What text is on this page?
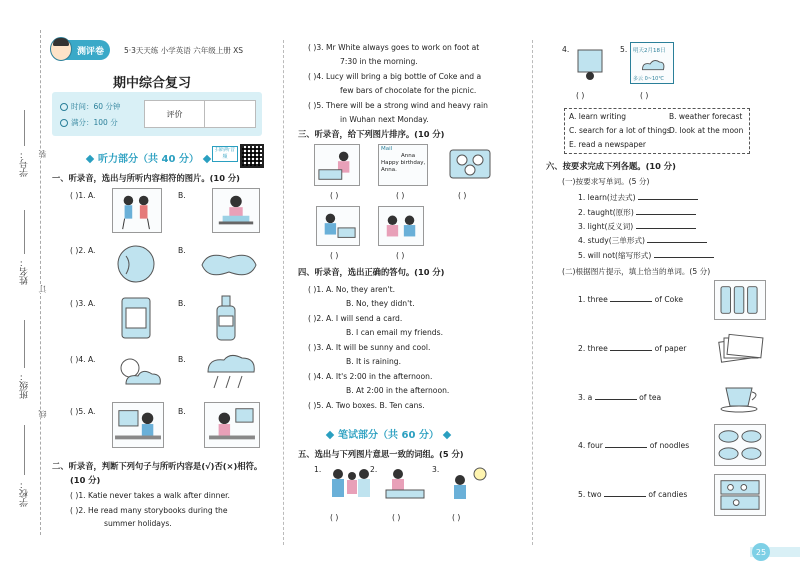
学号：
姓名：
班级：
学校：
装
订
线
测评卷	5·3天天练 小学英语 六年级上册 XS
期中综合复习
时间：60 分钟
满分：100 分
评价
听力部分（共 40 分）
扫码听音频
一、听录音，选出与所听内容相符的图片。(10 分)
( )1. A.	B.
( )2. A.	B.
( )3. A.	B.
( )4. A.	B.
( )5. A.	B.
二、听录音，判断下列句子与所听内容是(√)否(×)相符。
(10 分)
( )1. Katie never takes a walk after dinner.
( )2. He read many storybooks during the
summer holidays.
( )3. Mr White always goes to work on foot at
7:30 in the morning.
( )4. Lucy will bring a big bottle of Coke and a
few bars of chocolate for the picnic.
( )5. There will be a strong wind and heavy rain
in Wuhan next Monday.
三、听录音，给下列图片排序。(10 分)
Mail
Anna
Happy birthday,
Anna.
( )	( )	( )
( )	( )
四、听录音，选出正确的答句。(10 分)
( )1. A. No, they aren't.
B. No, they didn't.
( )2. A. I will send a card.
B. I can email my friends.
( )3. A. It will be sunny and cool.
B. It is raining.
( )4. A. It's 2:00 in the afternoon.
B. At 2:00 in the afternoon.
( )5. A. Two boxes. B. Ten cans.
笔试部分（共 60 分）
五、选出与下列图片意思一致的词组。(5 分)
1.	2.	3.
( )	( )	( )
4.	5. 明天2月18日
多云 0~10℃
( )	( )
A. learn writing	B. weather forecast
C. search for a lot of things
D. look at the moon
E. read a newspaper
六、按要求完成下列各题。(10 分)
(一)按要求写单词。(5 分)
1. learn(过去式)
2. taught(原形)
3. light(反义词)
4. study(三单形式)
5. will not(缩写形式)
(二)根据图片提示，填上恰当的单词。(5 分)
1. three	of Coke
2. three	of paper
3. a	of tea
4. four	of noodles
5. two	of candies
25
